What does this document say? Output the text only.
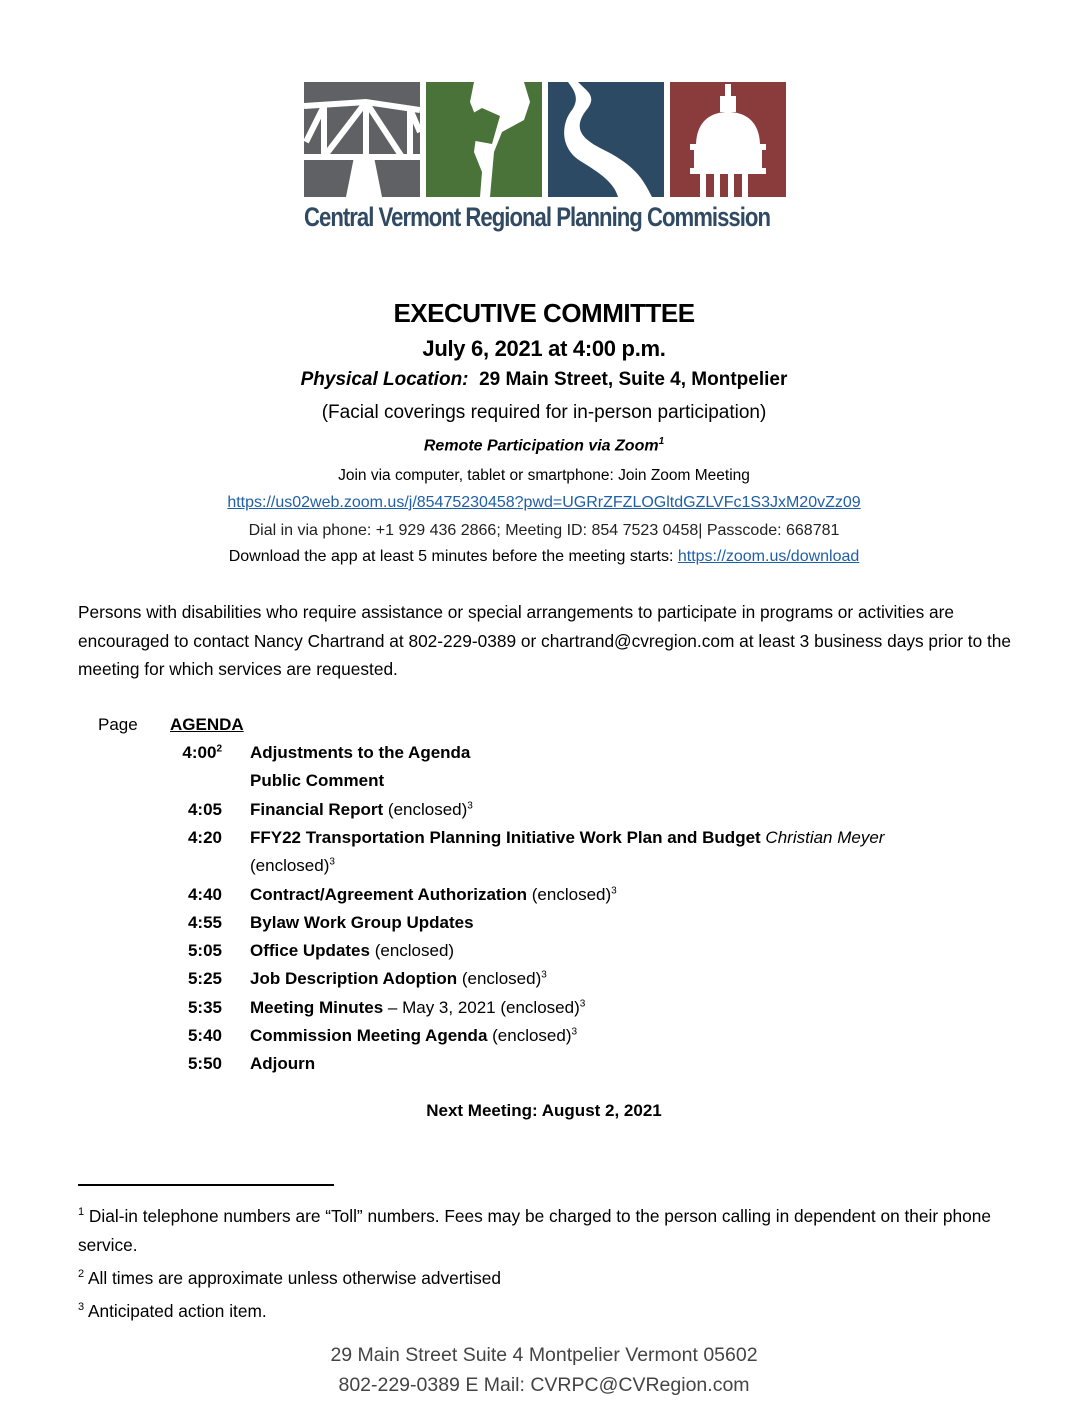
Central Vermont Regional Planning Commission
EXECUTIVE COMMITTEE
July 6, 2021 at 4:00 p.m.
Physical Location: 29 Main Street, Suite 4, Montpelier
(Facial coverings required for in-person participation)
Remote Participation via Zoom$^1$
Join via computer, tablet or smartphone: Join Zoom Meeting
https://us02web.zoom.us/j/85475230458?pwd=UGRrZFZLOGltdGZLVFc1S3JxM20vZz09
Dial in via phone: +1 929 436 2866; Meeting ID: 854 7523 0458| Passcode: 668781
Download the app at least 5 minutes before the meeting starts: https://zoom.us/download
Persons with disabilities who require assistance or special arrangements to participate in programs or activities are encouraged to contact Nancy Chartrand at 802-229-0389 or chartrand@cvregion.com at least 3 business days prior to the meeting for which services are requested.
Page AGENDA
$4:00^2$ Adjustments to the Agenda
Public Comment
4:05 Financial Report (enclosed)$^3$
4:20 FFY22 Transportation Planning Initiative Work Plan and Budget Christian Meyer
(enclosed)$^3$
4:40 Contract/Agreement Authorization (enclosed)$^3$
4:55 Bylaw Work Group Updates
5:05 Office Updates (enclosed)
5:25 Job Description Adoption (enclosed)$^3$
5:35 Meeting Minutes – May 3, 2021 (enclosed)$^3$
5:40 Commission Meeting Agenda (enclosed)$^3$
5:50 Adjourn
Next Meeting: August 2, 2021
$^1$ Dial-in telephone numbers are “Toll” numbers. Fees may be charged to the person calling in dependent on their phone service.
$^2$ All times are approximate unless otherwise advertised
$^3$ Anticipated action item.
29 Main Street Suite 4 Montpelier Vermont 05602
802-229-0389 E Mail: CVRPC@CVRegion.com
